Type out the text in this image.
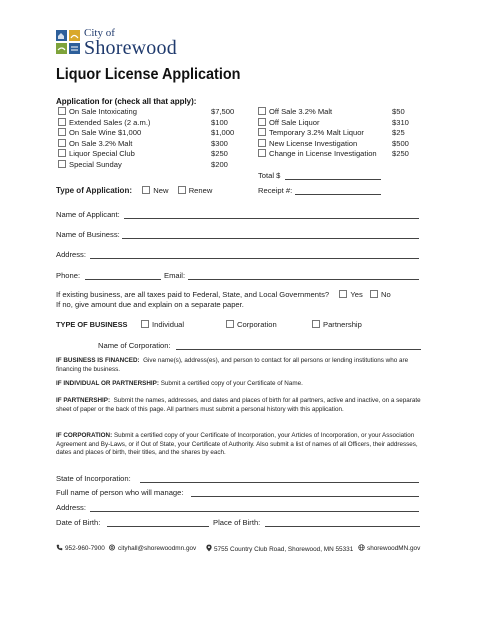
City of
Shorewood
Liquor License Application
Application for (check all that apply):
On Sale Intoxicating	$7,500
Extended Sales (2 a.m.)	$100
On Sale Wine $1,000	$1,000
On Sale 3.2% Malt	$300
Liquor Special Club	$250
Special Sunday	$200
Off Sale 3.2% Malt	$50
Off Sale Liquor	$310
Temporary 3.2% Malt Liquor	$25
New License Investigation	$500
Change in License Investigation $250
Total $
Type of Application:	New	Renew	Receipt #:
Name of Applicant:
Name of Business:
Address:
Phone:	Email:
If existing business, are all taxes paid to Federal, State, and Local Governments?	Yes No
If no, give amount due and explain on a separate paper.
TYPE OF BUSINESS	Individual	Corporation	Partnership
Name of Corporation:
IF BUSINESS IS FINANCED: Give name(s), address(es), and person to contact for all persons or lending institutions who are financing the business.
IF INDIVIDUAL OR PARTNERSHIP: Submit a certified copy of your Certificate of Name.
IF PARTNERSHIP: Submit the names, addresses, and dates and places of birth for all partners, active and inactive, on a separate sheet of paper or the back of this page. All partners must submit a personal history with this application.
IF CORPORATION: Submit a certified copy of your Certificate of Incorporation, your Articles of Incorporation, or your Association Agreement and By-Laws, or if Out of State, your Certificate of Authority. Also submit a list of names of all Officers, their addresses, dates and places of birth, their titles, and the shares by each.
State of Incorporation:
Full name of person who will manage:
Address:
Date of Birth:	Place of Birth:
952-960-7900	cityhall@shorewoodmn.gov	5755 Country Club Road, Shorewood, MN 55331	shorewoodMN.gov
